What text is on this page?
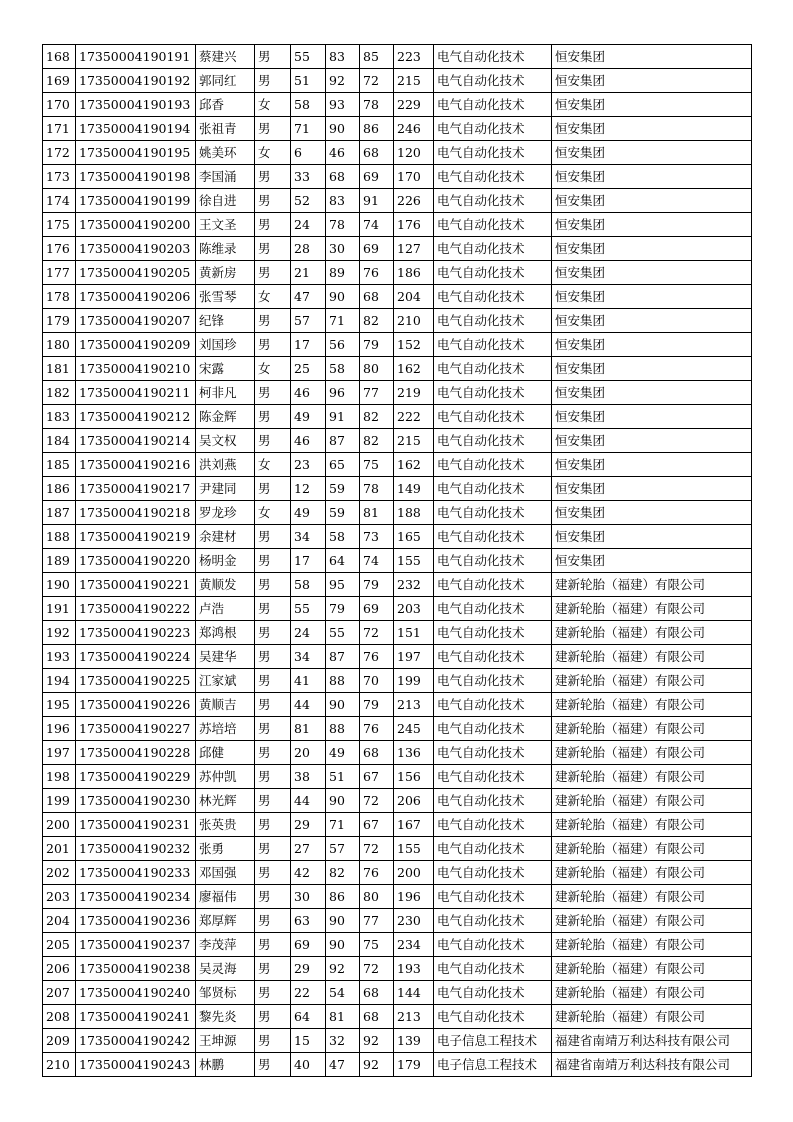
168	17350004190191	蔡建兴	男	55	83	85	223	电气自动化技术	恒安集团
169	17350004190192	郭同红	男	51	92	72	215	电气自动化技术	恒安集团
170	17350004190193	邱香	女	58	93	78	229	电气自动化技术	恒安集团
171	17350004190194	张祖青	男	71	90	86	246	电气自动化技术	恒安集团
172	17350004190195	姚美环	女	6	46	68	120	电气自动化技术	恒安集团
173	17350004190198	李国涌	男	33	68	69	170	电气自动化技术	恒安集团
174	17350004190199	徐自进	男	52	83	91	226	电气自动化技术	恒安集团
175	17350004190200	王文圣	男	24	78	74	176	电气自动化技术	恒安集团
176	17350004190203	陈维录	男	28	30	69	127	电气自动化技术	恒安集团
177	17350004190205	黄新房	男	21	89	76	186	电气自动化技术	恒安集团
178	17350004190206	张雪琴	女	47	90	68	204	电气自动化技术	恒安集团
179	17350004190207	纪锋	男	57	71	82	210	电气自动化技术	恒安集团
180	17350004190209	刘国珍	男	17	56	79	152	电气自动化技术	恒安集团
181	17350004190210	宋露	女	25	58	80	162	电气自动化技术	恒安集团
182	17350004190211	柯非凡	男	46	96	77	219	电气自动化技术	恒安集团
183	17350004190212	陈金辉	男	49	91	82	222	电气自动化技术	恒安集团
184	17350004190214	吴文权	男	46	87	82	215	电气自动化技术	恒安集团
185	17350004190216	洪刘燕	女	23	65	75	162	电气自动化技术	恒安集团
186	17350004190217	尹建同	男	12	59	78	149	电气自动化技术	恒安集团
187	17350004190218	罗龙珍	女	49	59	81	188	电气自动化技术	恒安集团
188	17350004190219	余建材	男	34	58	73	165	电气自动化技术	恒安集团
189	17350004190220	杨明金	男	17	64	74	155	电气自动化技术	恒安集团
190	17350004190221	黄顺发	男	58	95	79	232	电气自动化技术	建新轮胎（福建）有限公司
191	17350004190222	卢浩	男	55	79	69	203	电气自动化技术	建新轮胎（福建）有限公司
192	17350004190223	郑鸿根	男	24	55	72	151	电气自动化技术	建新轮胎（福建）有限公司
193	17350004190224	吴建华	男	34	87	76	197	电气自动化技术	建新轮胎（福建）有限公司
194	17350004190225	江家斌	男	41	88	70	199	电气自动化技术	建新轮胎（福建）有限公司
195	17350004190226	黄顺吉	男	44	90	79	213	电气自动化技术	建新轮胎（福建）有限公司
196	17350004190227	苏培培	男	81	88	76	245	电气自动化技术	建新轮胎（福建）有限公司
197	17350004190228	邱健	男	20	49	68	136	电气自动化技术	建新轮胎（福建）有限公司
198	17350004190229	苏仲凯	男	38	51	67	156	电气自动化技术	建新轮胎（福建）有限公司
199	17350004190230	林光辉	男	44	90	72	206	电气自动化技术	建新轮胎（福建）有限公司
200	17350004190231	张英贵	男	29	71	67	167	电气自动化技术	建新轮胎（福建）有限公司
201	17350004190232	张勇	男	27	57	72	155	电气自动化技术	建新轮胎（福建）有限公司
202	17350004190233	邓国强	男	42	82	76	200	电气自动化技术	建新轮胎（福建）有限公司
203	17350004190234	廖福伟	男	30	86	80	196	电气自动化技术	建新轮胎（福建）有限公司
204	17350004190236	郑厚辉	男	63	90	77	230	电气自动化技术	建新轮胎（福建）有限公司
205	17350004190237	李茂萍	男	69	90	75	234	电气自动化技术	建新轮胎（福建）有限公司
206	17350004190238	吴灵海	男	29	92	72	193	电气自动化技术	建新轮胎（福建）有限公司
207	17350004190240	邹贤标	男	22	54	68	144	电气自动化技术	建新轮胎（福建）有限公司
208	17350004190241	黎先炎	男	64	81	68	213	电气自动化技术	建新轮胎（福建）有限公司
209	17350004190242	王坤源	男	15	32	92	139	电子信息工程技术	福建省南靖万利达科技有限公司
210	17350004190243	林鹏	男	40	47	92	179	电子信息工程技术	福建省南靖万利达科技有限公司
